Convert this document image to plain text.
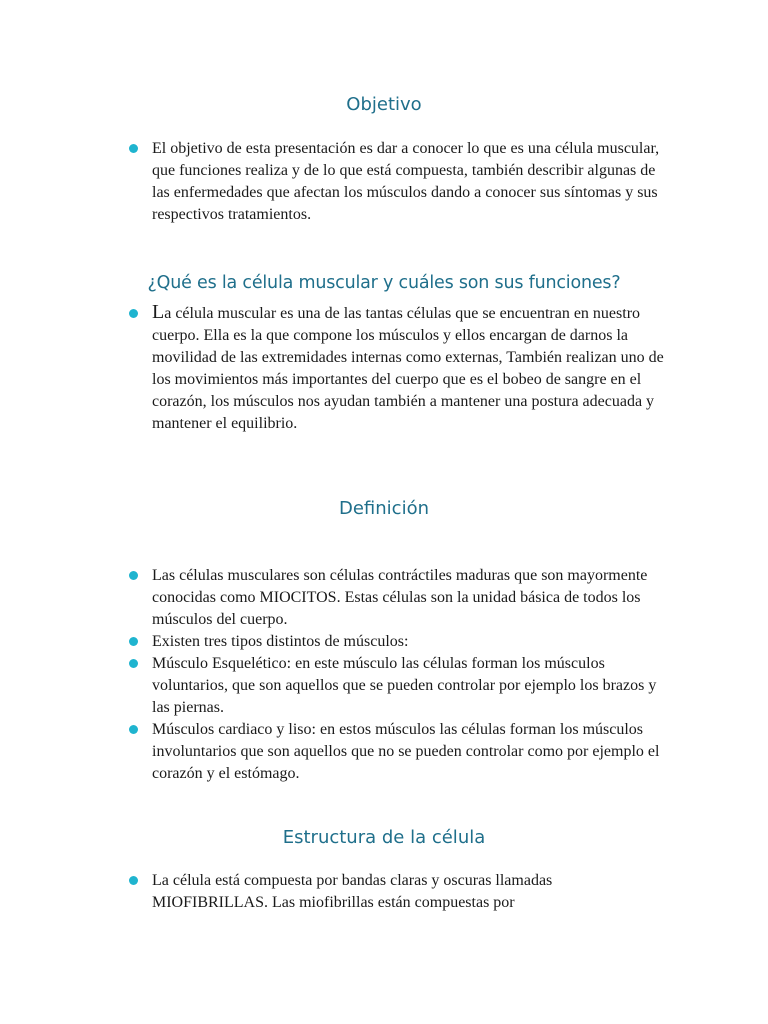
Objetivo
El objetivo de esta presentación es dar a conocer lo que es una célula muscular, que funciones realiza y de lo que está compuesta, también describir algunas de las enfermedades que afectan los músculos dando a conocer sus síntomas y sus respectivos tratamientos.
¿Qué es la célula muscular y cuáles son sus funciones?
La célula muscular es una de las tantas células que se encuentran en nuestro cuerpo. Ella es la que compone los músculos y ellos encargan de darnos la movilidad de las extremidades internas como externas, También realizan uno de los movimientos más importantes del cuerpo que es el bobeo de sangre en el corazón, los músculos nos ayudan también a mantener una postura adecuada y mantener el equilibrio.
Definición
Las células musculares son células contráctiles maduras que son mayormente conocidas como MIOCITOS. Estas células son la unidad básica de todos los músculos del cuerpo.
Existen tres tipos distintos de músculos:
Músculo Esquelético: en este músculo las células forman los músculos voluntarios, que son aquellos que se pueden controlar por ejemplo los brazos y las piernas.
Músculos cardiaco y liso: en estos músculos las células forman los músculos involuntarios que son aquellos que no se pueden controlar como por ejemplo el corazón y el estómago.
Estructura de la célula
La célula está compuesta por bandas claras y oscuras llamadas MIOFIBRILLAS. Las miofibrillas están compuestas por
